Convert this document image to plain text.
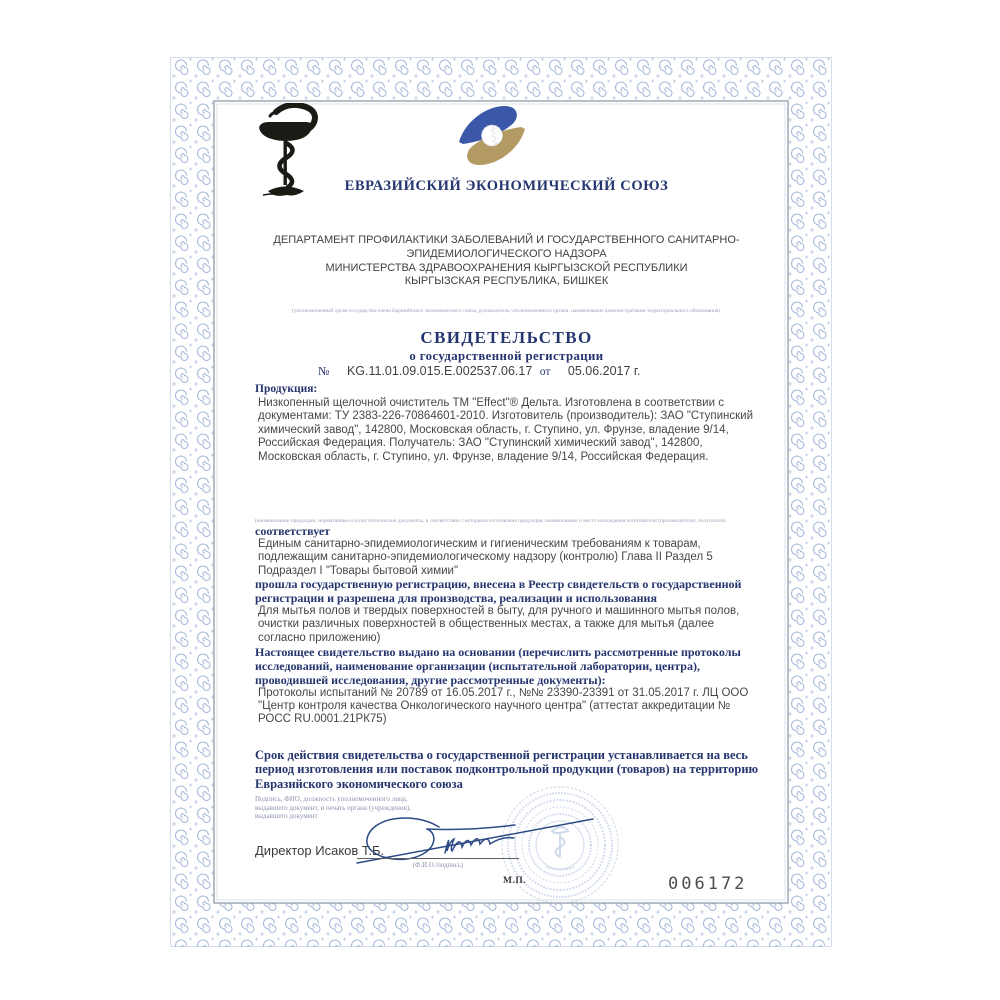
ЕВРАЗИЙСКИЙ ЭКОНОМИЧЕСКИЙ СОЮЗ
ДЕПАРТАМЕНТ ПРОФИЛАКТИКИ ЗАБОЛЕВАНИЙ И ГОСУДАРСТВЕННОГО САНИТАРНО-
ЭПИДЕМИОЛОГИЧЕСКОГО НАДЗОРА
МИНИСТЕРСТВА ЗДРАВООХРАНЕНИЯ КЫРГЫЗСКОЙ РЕСПУБЛИКИ
КЫРГЫЗСКАЯ РЕСПУБЛИКА, БИШКЕК
(уполномоченный орган государства-члена Евразийского экономического союза, руководитель уполномоченного органа, наименование административно-территориального образования)
СВИДЕТЕЛЬСТВО
о государственной регистрации
№ KG.11.01.09.015.E.002537.06.17 от 05.06.2017 г.
Продукция:
Низкопенный щелочной очиститель ТМ "Effect"® Дельта. Изготовлена в соответствии с документами: ТУ 2383-226-70864601-2010. Изготовитель (производитель): ЗАО "Ступинский химический завод", 142800, Московская область, г. Ступино, ул. Фрунзе, владение 9/14, Российская Федерация. Получатель: ЗАО "Ступинский химический завод", 142800, Московская область, г. Ступино, ул. Фрунзе, владение 9/14, Российская Федерация.
(наименование продукции, нормативные и (или) технические документы, в соответствии с которыми изготовлена продукция, наименование и место нахождения изготовителя (производителя), получателя)
соответствует
Единым санитарно-эпидемиологическим и гигиеническим требованиям к товарам, подлежащим санитарно-эпидемиологическому надзору (контролю) Глава II Раздел 5 Подраздел I "Товары бытовой химии"
прошла государственную регистрацию, внесена в Реестр свидетельств о государственной регистрации и разрешена для производства, реализации и использования
Для мытья полов и твердых поверхностей в быту, для ручного и машинного мытья полов, очистки различных поверхностей в общественных местах, а также для мытья (далее согласно приложению)
Настоящее свидетельство выдано на основании (перечислить рассмотренные протоколы исследований, наименование организации (испытательной лаборатории, центра), проводившей исследования, другие рассмотренные документы):
Протоколы испытаний № 20789 от 16.05.2017 г., №№ 23390-23391 от 31.05.2017 г. ЛЦ ООО "Центр контроля качества Онкологического научного центра" (аттестат аккредитации № РОСС RU.0001.21РК75)
Срок действия свидетельства о государственной регистрации устанавливается на весь период изготовления или поставок подконтрольной продукции (товаров) на территорию Евразийского экономического союза
Подпись, ФИО, должность уполномоченного лица,
выдавшего документ, и печать органа (учреждения),
выдавшего документ
Директор Исаков Т.Б.
(Ф.И.О./подпись)
М.П.	006172
